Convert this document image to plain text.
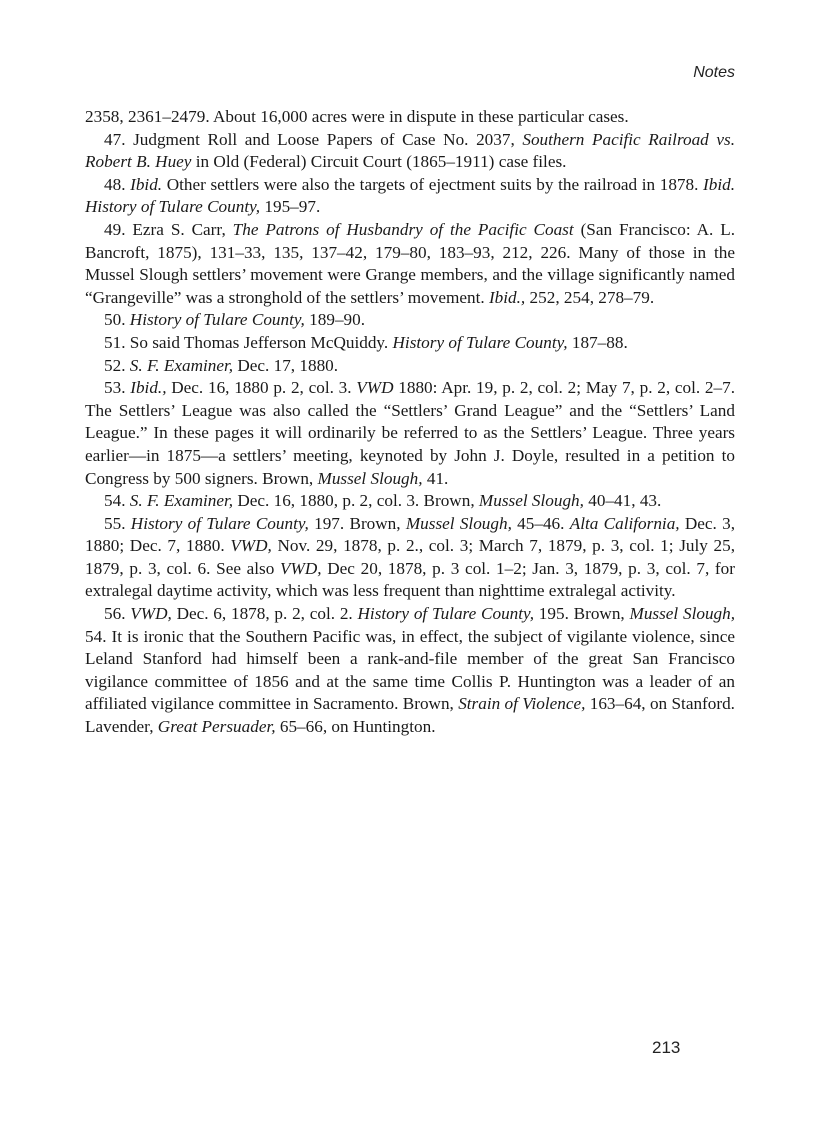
Notes

2358, 2361–2479. About 16,000 acres were in dispute in these particular cases.

47. Judgment Roll and Loose Papers of Case No. 2037, Southern Pacific Railroad vs. Robert B. Huey in Old (Federal) Circuit Court (1865–1911) case files.

48. Ibid. Other settlers were also the targets of ejectment suits by the railroad in 1878. Ibid. History of Tulare County, 195–97.

49. Ezra S. Carr, The Patrons of Husbandry of the Pacific Coast (San Francisco: A. L. Bancroft, 1875), 131–33, 135, 137–42, 179–80, 183–93, 212, 226. Many of those in the Mussel Slough settlers’ movement were Grange members, and the village significantly named “Grangeville” was a stronghold of the settlers’ movement. Ibid., 252, 254, 278–79.

50. History of Tulare County, 189–90.

51. So said Thomas Jefferson McQuiddy. History of Tulare County, 187–88.

52. S. F. Examiner, Dec. 17, 1880.

53. Ibid., Dec. 16, 1880 p. 2, col. 3. VWD 1880: Apr. 19, p. 2, col. 2; May 7, p. 2, col. 2–7. The Settlers’ League was also called the “Settlers’ Grand League” and the “Settlers’ Land League.” In these pages it will ordinarily be referred to as the Settlers’ League. Three years earlier—in 1875—a settlers’ meeting, keynoted by John J. Doyle, resulted in a petition to Congress by 500 signers. Brown, Mussel Slough, 41.

54. S. F. Examiner, Dec. 16, 1880, p. 2, col. 3. Brown, Mussel Slough, 40–41, 43.

55. History of Tulare County, 197. Brown, Mussel Slough, 45–46. Alta California, Dec. 3, 1880; Dec. 7, 1880. VWD, Nov. 29, 1878, p. 2., col. 3; March 7, 1879, p. 3, col. 1; July 25, 1879, p. 3, col. 6. See also VWD, Dec 20, 1878, p. 3 col. 1–2; Jan. 3, 1879, p. 3, col. 7, for extralegal daytime activity, which was less frequent than nighttime extralegal activity.

56. VWD, Dec. 6, 1878, p. 2, col. 2. History of Tulare County, 195. Brown, Mussel Slough, 54. It is ironic that the Southern Pacific was, in effect, the subject of vigilante violence, since Leland Stanford had himself been a rank-and-file member of the great San Francisco vigilance committee of 1856 and at the same time Collis P. Huntington was a leader of an affiliated vigilance committee in Sacramento. Brown, Strain of Violence, 163–64, on Stanford. Lavender, Great Persuader, 65–66, on Huntington.

213
